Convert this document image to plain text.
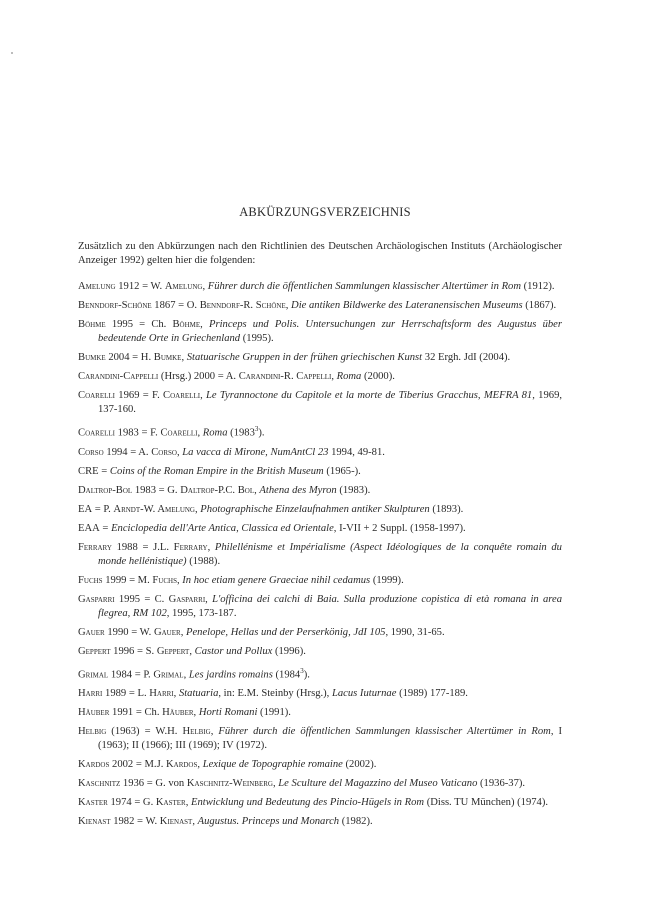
ABKÜRZUNGSVERZEICHNIS
Zusätzlich zu den Abkürzungen nach den Richtlinien des Deutschen Archäologischen Instituts (Archäologischer Anzeiger 1992) gelten hier die folgenden:
Amelung 1912 = W. Amelung, Führer durch die öffentlichen Sammlungen klassischer Altertümer in Rom (1912).
Benndorf-Schöne 1867 = O. Benndorf-R. Schöne, Die antiken Bildwerke des Lateranensischen Museums (1867).
Böhme 1995 = Ch. Böhme, Princeps und Polis. Untersuchungen zur Herrschaftsform des Augustus über bedeutende Orte in Griechenland (1995).
Bumke 2004 = H. Bumke, Statuarische Gruppen in der frühen griechischen Kunst 32 Ergh. JdI (2004).
Carandini-Cappelli (Hrsg.) 2000 = A. Carandini-R. Cappelli, Roma (2000).
Coarelli 1969 = F. Coarelli, Le Tyrannoctone du Capitole et la morte de Tiberius Gracchus, MEFRA 81, 1969, 137-160.
Coarelli 1983 = F. Coarelli, Roma (1983$^3$).
Corso 1994 = A. Corso, La vacca di Mirone, NumAntCl 23 1994, 49-81.
CRE = Coins of the Roman Empire in the British Museum (1965-).
Daltrop-Bol 1983 = G. Daltrop-P.C. Bol, Athena des Myron (1983).
EA = P. Arndt-W. Amelung, Photographische Einzelaufnahmen antiker Skulpturen (1893).
EAA = Enciclopedia dell'Arte Antica, Classica ed Orientale, I-VII + 2 Suppl. (1958-1997).
Ferrary 1988 = J.L. Ferrary, Philellénisme et Impérialisme (Aspect Idéologiques de la conquête romain du monde hellénistique) (1988).
Fuchs 1999 = M. Fuchs, In hoc etiam genere Graeciae nihil cedamus (1999).
Gasparri 1995 = C. Gasparri, L'officina dei calchi di Baia. Sulla produzione copistica di età romana in area flegrea, RM 102, 1995, 173-187.
Gauer 1990 = W. Gauer, Penelope, Hellas und der Perserkönig, JdI 105, 1990, 31-65.
Geppert 1996 = S. Geppert, Castor und Pollux (1996).
Grimal 1984 = P. Grimal, Les jardins romains (1984$^3$).
Harri 1989 = L. Harri, Statuaria, in: E.M. Steinby (Hrsg.), Lacus Iuturnae (1989) 177-189.
Häuber 1991 = Ch. Häuber, Horti Romani (1991).
Helbig (1963) = W.H. Helbig, Führer durch die öffentlichen Sammlungen klassischer Altertümer in Rom, I (1963); II (1966); III (1969); IV (1972).
Kardos 2002 = M.J. Kardos, Lexique de Topographie romaine (2002).
Kaschnitz 1936 = G. von Kaschnitz-Weinberg, Le Sculture del Magazzino del Museo Vaticano (1936-37).
Kaster 1974 = G. Kaster, Entwicklung und Bedeutung des Pincio-Hügels in Rom (Diss. TU München) (1974).
Kienast 1982 = W. Kienast, Augustus. Princeps und Monarch (1982).
